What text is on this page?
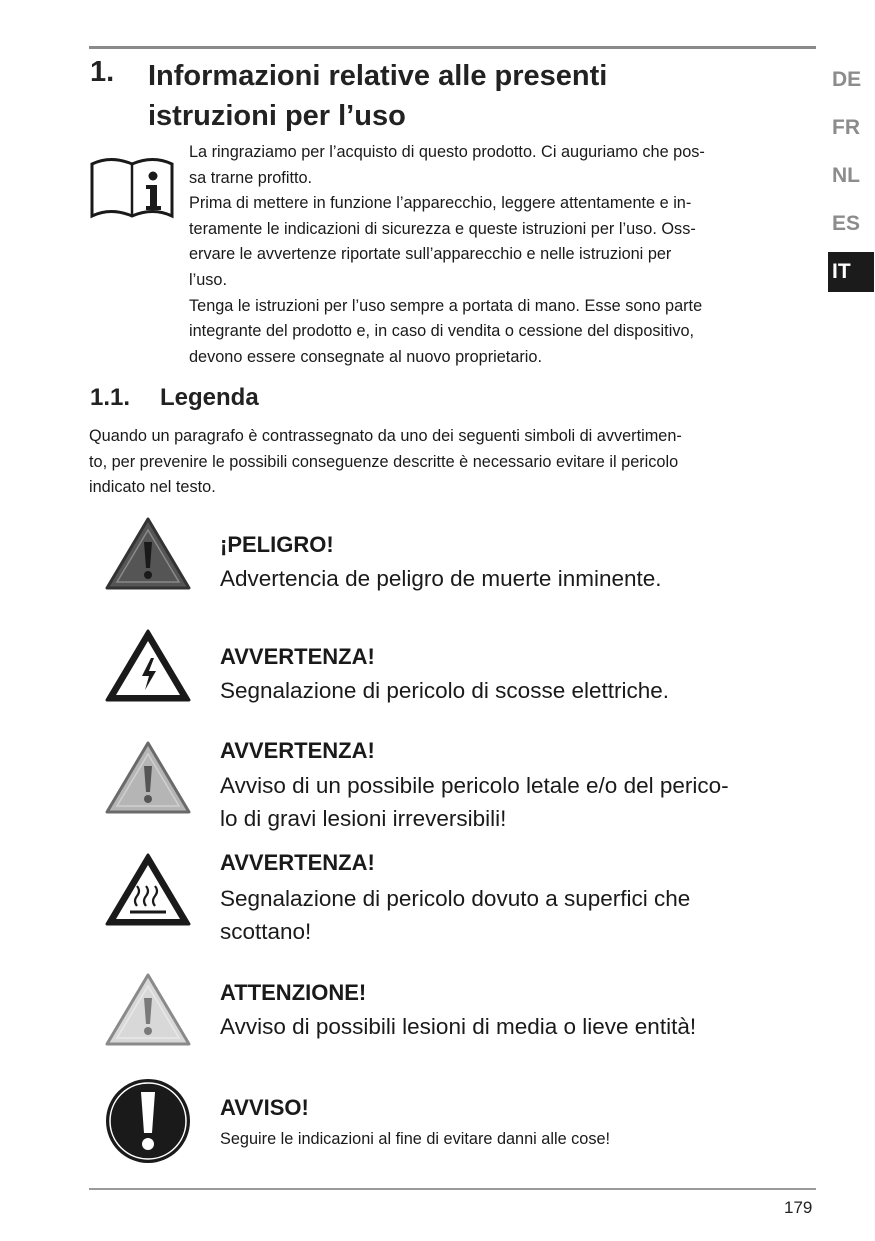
1. Informazioni relative alle presenti
istruzioni per l’uso

La ringraziamo per l’acquisto di questo prodotto. Ci auguriamo che pos-
sa trarne profitto.

Prima di mettere in funzione l’apparecchio, leggere attentamente e in-
teramente le indicazioni di sicurezza e queste istruzioni per l’uso. Oss-
ervare le avvertenze riportate sull’apparecchio e nelle istruzioni per
l’uso.

Tenga le istruzioni per l’uso sempre a portata di mano. Esse sono parte
integrante del prodotto e, in caso di vendita o cessione del dispositivo,
devono essere consegnate al nuovo proprietario.

1.1. Legenda

Quando un paragrafo è contrassegnato da uno dei seguenti simboli di avvertimen-
to, per prevenire le possibili conseguenze descritte è necessario evitare il pericolo
indicato nel testo.

¡PELIGRO!

Advertencia de peligro de muerte inminente.

AVVERTENZA!

Segnalazione di pericolo di scosse elettriche.

AVVERTENZA!

Avviso di un possibile pericolo letale e/o del perico-
lo di gravi lesioni irreversibili!

AVVERTENZA!

Segnalazione di pericolo dovuto a superfici che
scottano!

ATTENZIONE!

Avviso di possibili lesioni di media o lieve entità!

AVVISO!

Seguire le indicazioni al fine di evitare danni alle cose!

DE
FR
NL
ES
IT
179
